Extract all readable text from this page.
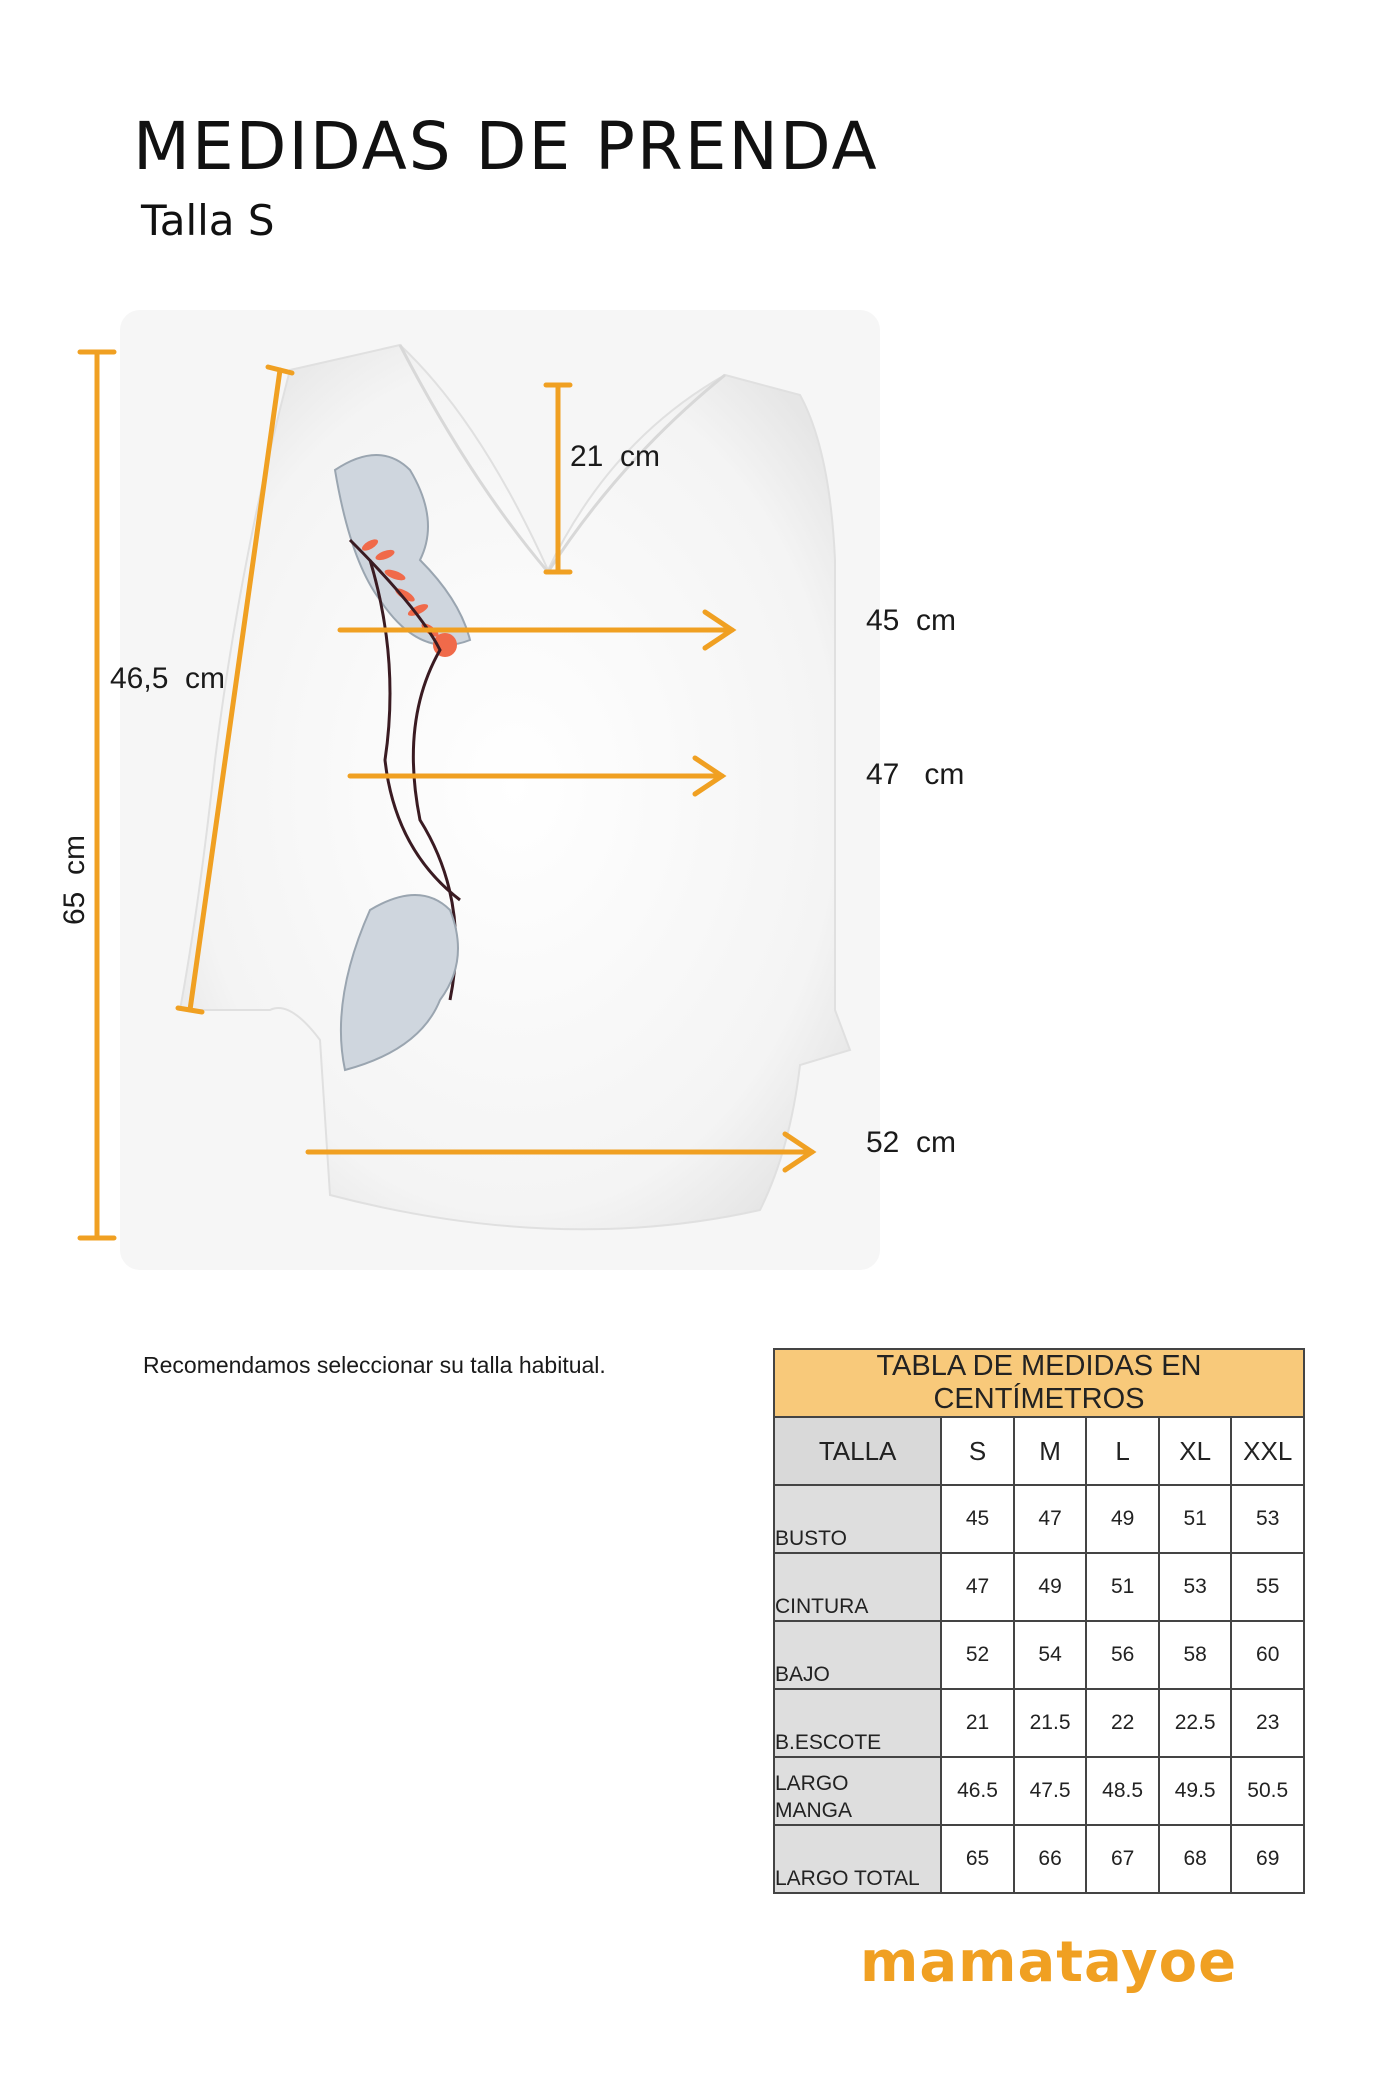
MEDIDAS DE PRENDA
Talla S
21  cm
45  cm
47   cm
52  cm
46,5  cm
65  cm
Recomendamos seleccionar su talla habitual.	TABLA DE MEDIDAS EN CENTÍMETROS					
TALLA	S	M	L	XL	XXL
BUSTO	45	47	49	51	53
CINTURA	47	49	51	53	55
BAJO	52	54	56	58	60
B.ESCOTE	21	21.5	22	22.5	23
LARGO MANGA	46.5	47.5	48.5	49.5	50.5
LARGO TOTAL	65	66	67	68	69
mamatayoe
